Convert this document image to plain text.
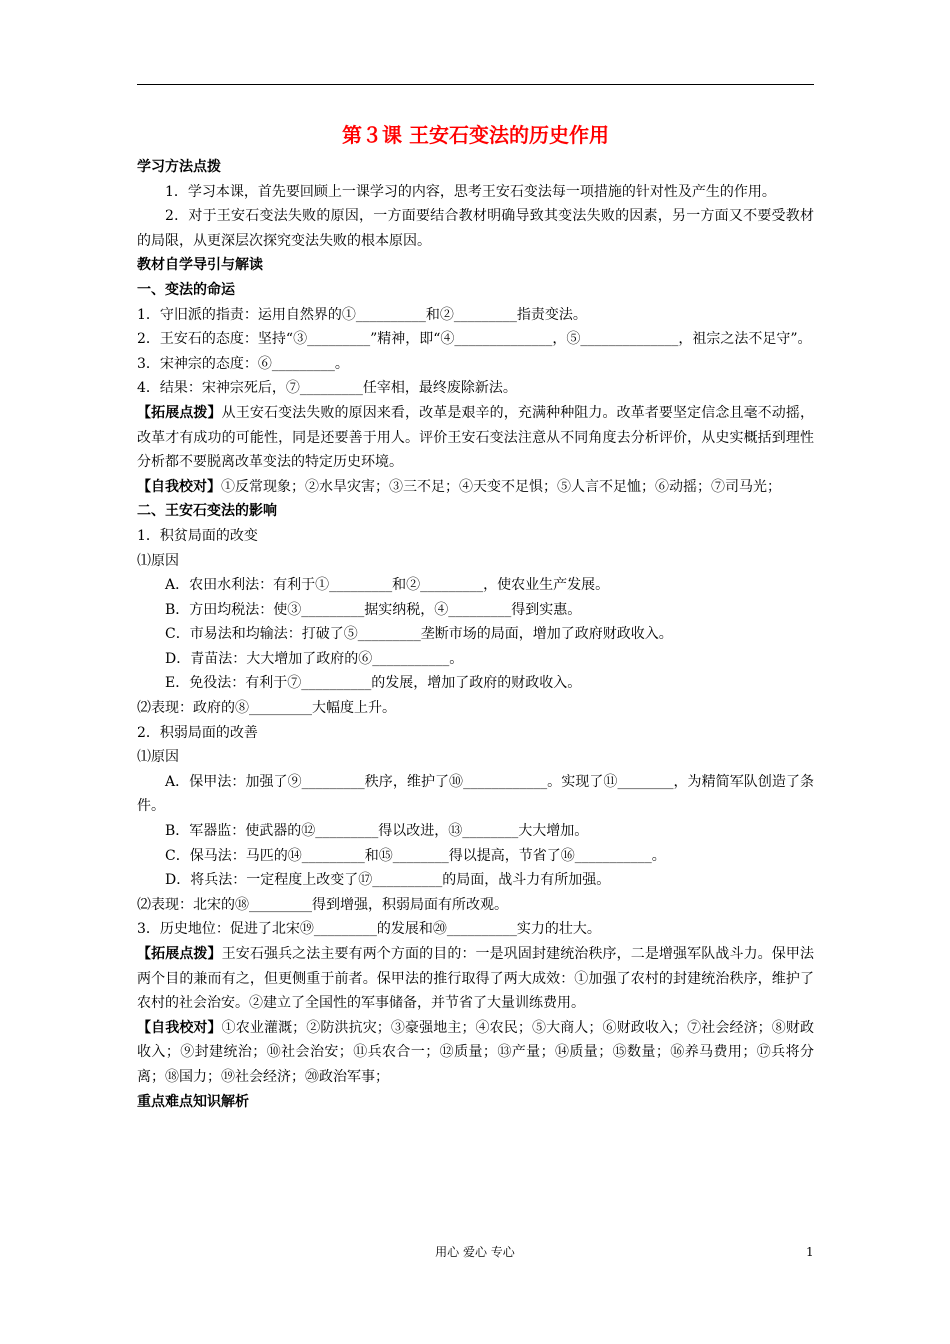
第３课 王安石变法的历史作用
学习方法点拨
1．学习本课，首先要回顾上一课学习的内容，思考王安石变法每一项措施的针对性及产生的作用。
2．对于王安石变法失败的原因，一方面要结合教材明确导致其变法失败的因素，另一方面又不要受教材的局限，从更深层次探究变法失败的根本原因。
教材自学导引与解读
一、变法的命运
1．守旧派的指责：运用自然界的①__________和②_________指责变法。
2．王安石的态度：坚持“③_________”精神，即“④______________，⑤______________，祖宗之法不足守”。
3．宋神宗的态度：⑥_________。
4．结果：宋神宗死后，⑦_________任宰相，最终废除新法。
【拓展点拨】从王安石变法失败的原因来看，改革是艰辛的，充满种种阻力。改革者要坚定信念且毫不动摇，改革才有成功的可能性，同是还要善于用人。评价王安石变法注意从不同角度去分析评价，从史实概括到理性分析都不要脱离改革变法的特定历史环境。
【自我校对】①反常现象；②水旱灾害；③三不足；④天变不足惧；⑤人言不足恤；⑥动摇；⑦司马光；
二、王安石变法的影响
1．积贫局面的改变
⑴原因
A．农田水利法：有利于①_________和②_________，使农业生产发展。
B．方田均税法：使③_________据实纳税，④_________得到实惠。
C．市易法和均输法：打破了⑤_________垄断市场的局面，增加了政府财政收入。
D．青苗法：大大增加了政府的⑥___________。
E．免役法：有利于⑦__________的发展，增加了政府的财政收入。
⑵表现：政府的⑧_________大幅度上升。
2．积弱局面的改善
⑴原因
A．保甲法：加强了⑨_________秩序，维护了⑩____________。实现了⑪________，为精简军队创造了条件。
B．军器监：使武器的⑫_________得以改进，⑬________大大增加。
C．保马法：马匹的⑭_________和⑮________得以提高，节省了⑯___________。
D．将兵法：一定程度上改变了⑰__________的局面，战斗力有所加强。
⑵表现：北宋的⑱_________得到增强，积弱局面有所改观。
3．历史地位：促进了北宋⑲_________的发展和⑳__________实力的壮大。
【拓展点拨】王安石强兵之法主要有两个方面的目的：一是巩固封建统治秩序，二是增强军队战斗力。保甲法两个目的兼而有之，但更侧重于前者。保甲法的推行取得了两大成效：①加强了农村的封建统治秩序，维护了农村的社会治安。②建立了全国性的军事储备，并节省了大量训练费用。
【自我校对】①农业灌溉；②防洪抗灾；③豪强地主；④农民；⑤大商人；⑥财政收入；⑦社会经济；⑧财政收入；⑨封建统治；⑩社会治安；⑪兵农合一；⑫质量；⑬产量；⑭质量；⑮数量；⑯养马费用；⑰兵将分离；⑱国力；⑲社会经济；⑳政治军事；
重点难点知识解析
用心 爱心 专心	1
